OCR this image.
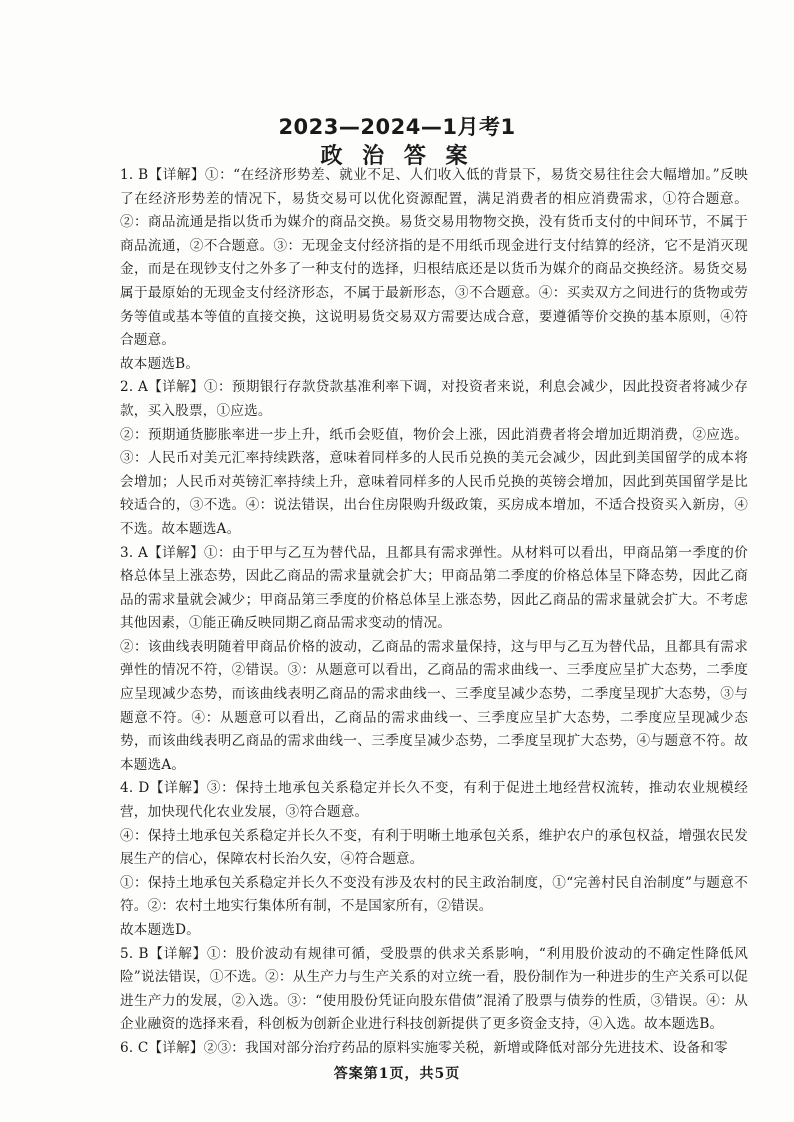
2023—2024—1月考1
政 治 答 案

1. B【详解】①：“在经济形势差、就业不足、人们收入低的背景下，易货交易往往会大幅增加。”反映了在经济形势差的情况下，易货交易可以优化资源配置，满足消费者的相应消费需求，①符合题意。②：商品流通是指以货币为媒介的商品交换。易货交易用物物交换，没有货币支付的中间环节，不属于商品流通，②不合题意。③：无现金支付经济指的是不用纸币现金进行支付结算的经济，它不是消灭现金，而是在现钞支付之外多了一种支付的选择，归根结底还是以货币为媒介的商品交换经济。易货交易属于最原始的无现金支付经济形态，不属于最新形态，③不合题意。④：买卖双方之间进行的货物或劳务等值或基本等值的直接交换，这说明易货交易双方需要达成合意，要遵循等价交换的基本原则，④符合题意。

故本题选B。

2. A【详解】①：预期银行存款贷款基准利率下调，对投资者来说，利息会减少，因此投资者将减少存款，买入股票，①应选。

②：预期通货膨胀率进一步上升，纸币会贬值，物价会上涨，因此消费者将会增加近期消费，②应选。③：人民币对美元汇率持续跌落，意味着同样多的人民币兑换的美元会减少，因此到美国留学的成本将会增加；人民币对英镑汇率持续上升，意味着同样多的人民币兑换的英镑会增加，因此到英国留学是比较适合的，③不选。④：说法错误，出台住房限购升级政策，买房成本增加，不适合投资买入新房，④不选。故本题选A。

3. A【详解】①：由于甲与乙互为替代品，且都具有需求弹性。从材料可以看出，甲商品第一季度的价格总体呈上涨态势，因此乙商品的需求量就会扩大；甲商品第二季度的价格总体呈下降态势，因此乙商品的需求量就会减少；甲商品第三季度的价格总体呈上涨态势，因此乙商品的需求量就会扩大。不考虑其他因素，①能正确反映同期乙商品需求变动的情况。

②：该曲线表明随着甲商品价格的波动，乙商品的需求量保持，这与甲与乙互为替代品，且都具有需求弹性的情况不符，②错误。③：从题意可以看出，乙商品的需求曲线一、三季度应呈扩大态势，二季度应呈现减少态势，而该曲线表明乙商品的需求曲线一、三季度呈减少态势，二季度呈现扩大态势，③与题意不符。④：从题意可以看出，乙商品的需求曲线一、三季度应呈扩大态势，二季度应呈现减少态势，而该曲线表明乙商品的需求曲线一、三季度呈减少态势，二季度呈现扩大态势，④与题意不符。故本题选A。

4. D【详解】③：保持土地承包关系稳定并长久不变，有利于促进土地经营权流转，推动农业规模经营，加快现代化农业发展，③符合题意。

④：保持土地承包关系稳定并长久不变，有利于明晰土地承包关系，维护农户的承包权益，增强农民发展生产的信心，保障农村长治久安，④符合题意。

①：保持土地承包关系稳定并长久不变没有涉及农村的民主政治制度，①“完善村民自治制度”与题意不符。②：农村土地实行集体所有制，不是国家所有，②错误。

故本题选D。

5. B【详解】①：股价波动有规律可循，受股票的供求关系影响，“利用股价波动的不确定性降低风险”说法错误，①不选。②：从生产力与生产关系的对立统一看，股份制作为一种进步的生产关系可以促进生产力的发展，②入选。③：“使用股份凭证向股东借债”混淆了股票与债券的性质，③错误。④：从企业融资的选择来看，科创板为创新企业进行科技创新提供了更多资金支持，④入选。故本题选B。

6. C【详解】②③：我国对部分治疗药品的原料实施零关税，新增或降低对部分先进技术、设备和零

答案第1页，共5页
